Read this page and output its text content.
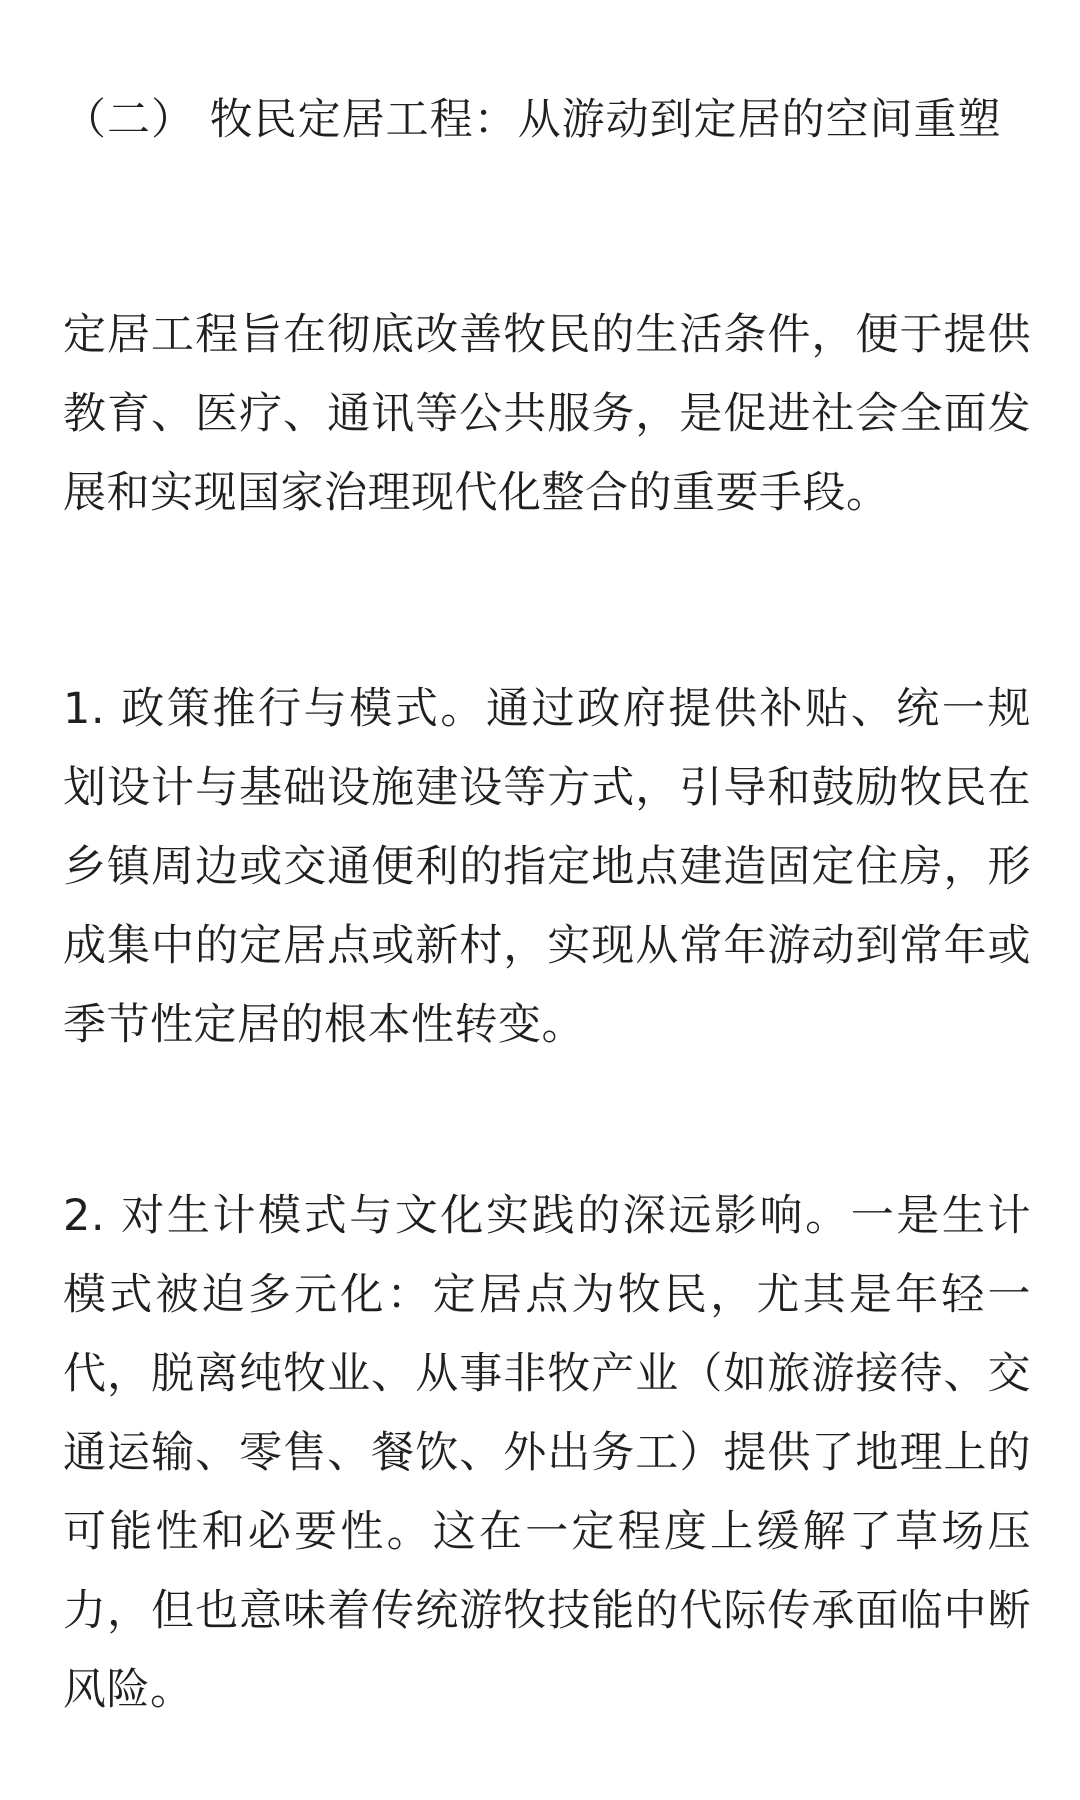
（二） 牧民定居工程：从游动到定居的空间重塑

定居工程旨在彻底改善牧民的生活条件，便于提供教育、医疗、通讯等公共服务，是促进社会全面发展和实现国家治理现代化整合的重要手段。

1. 政策推行与模式。通过政府提供补贴、统一规划设计与基础设施建设等方式，引导和鼓励牧民在乡镇周边或交通便利的指定地点建造固定住房，形成集中的定居点或新村，实现从常年游动到常年或季节性定居的根本性转变。

2. 对生计模式与文化实践的深远影响。一是生计模式被迫多元化：定居点为牧民，尤其是年轻一代，脱离纯牧业、从事非牧产业（如旅游接待、交通运输、零售、餐饮、外出务工）提供了地理上的可能性和必要性。这在一定程度上缓解了草场压力，但也意味着传统游牧技能的代际传承面临中断风险。
